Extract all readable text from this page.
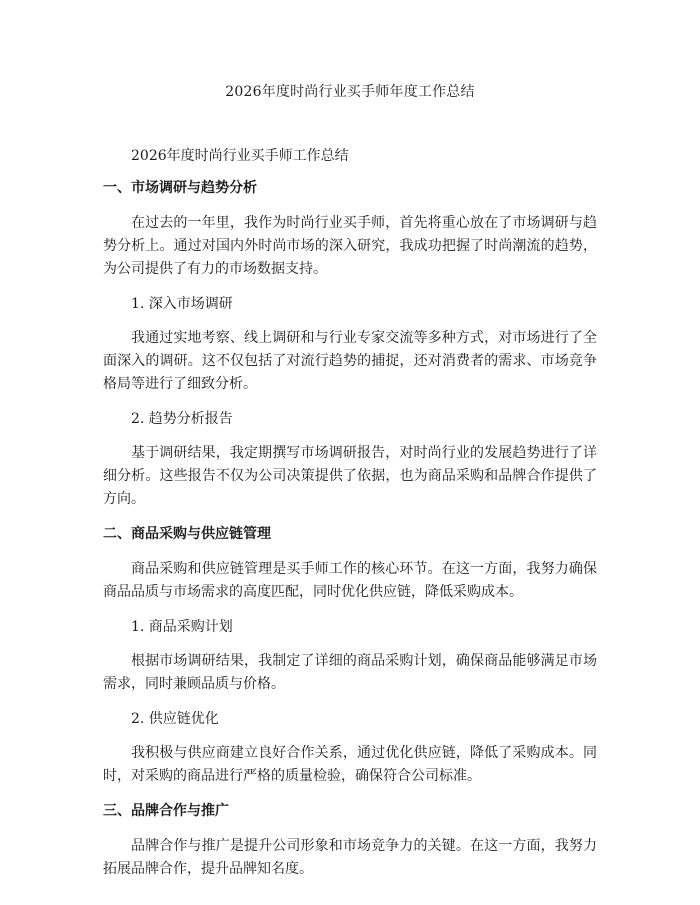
2026年度时尚行业买手师年度工作总结

2026年度时尚行业买手师工作总结

一、市场调研与趋势分析

在过去的一年里，我作为时尚行业买手师，首先将重心放在了市场调研与趋势分析上。通过对国内外时尚市场的深入研究，我成功把握了时尚潮流的趋势，为公司提供了有力的市场数据支持。

1. 深入市场调研

我通过实地考察、线上调研和与行业专家交流等多种方式，对市场进行了全面深入的调研。这不仅包括了对流行趋势的捕捉，还对消费者的需求、市场竞争格局等进行了细致分析。

2. 趋势分析报告

基于调研结果，我定期撰写市场调研报告，对时尚行业的发展趋势进行了详细分析。这些报告不仅为公司决策提供了依据，也为商品采购和品牌合作提供了方向。

二、商品采购与供应链管理

商品采购和供应链管理是买手师工作的核心环节。在这一方面，我努力确保商品品质与市场需求的高度匹配，同时优化供应链，降低采购成本。

1. 商品采购计划

根据市场调研结果，我制定了详细的商品采购计划，确保商品能够满足市场需求，同时兼顾品质与价格。

2. 供应链优化

我积极与供应商建立良好合作关系，通过优化供应链，降低了采购成本。同时，对采购的商品进行严格的质量检验，确保符合公司标准。

三、品牌合作与推广

品牌合作与推广是提升公司形象和市场竞争力的关键。在这一方面，我努力拓展品牌合作，提升品牌知名度。
